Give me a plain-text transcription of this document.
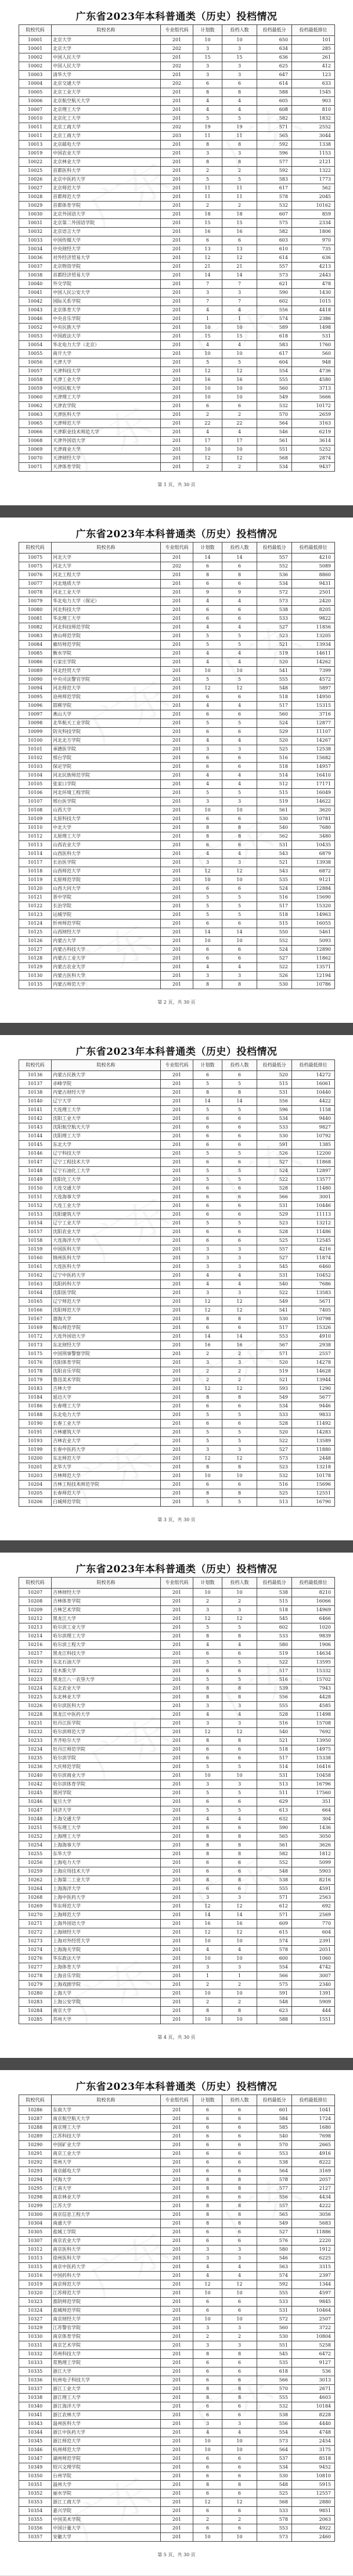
广东省2023年本科普通类（历史）投档情况
院校代码	院校名称	专业组代码	计划数	投档人数	投档最低分	投档最低排位
10001	北京大学	201	10	10	650	101
10001	北京大学	202	3	3	634	285
10002	中国人民大学	201	15	15	636	261
10002	中国人民大学	202	3	3	625	412
10003	清华大学	201	3	3	647	123
10004	北京交通大学	202	6	6	614	633
10005	北京工业大学	201	8	8	588	1545
10006	北京航空航天大学	201	4	4	605	903
10007	北京理工大学	201	4	4	608	810
10010	北京化工大学	201	5	5	582	1832
10011	北京工商大学	202	19	19	571	2552
10011	北京工商大学	203	11	11	565	3044
10013	北京邮电大学	201	8	8	592	1338
10019	中国农业大学	201	3	3	596	1153
10022	北京林业大学	201	8	8	577	2121
10025	首都医科大学	201	2	2	592	1322
10026	北京中医药大学	201	5	5	583	1773
10027	北京师范大学	201	11	11	617	562
10028	首都师范大学	201	11	11	578	2045
10029	首都体育学院	201	2	2	532	10162
10030	北京外国语大学	201	18	18	607	859
10031	北京第二外国语学院	201	15	15	575	2334
10032	北京语言大学	201	16	16	582	1806
10033	中国传媒大学	201	6	6	603	970
10034	中央财经大学	201	13	13	610	735
10036	对外经济贸易大学	201	12	12	614	636
10037	北京物资学院	201	21	21	557	4213
10038	首都经济贸易大学	201	14	14	573	2443
10040	外交学院	201	7	7	621	478
10041	中国人民公安大学	201	3	3	590	1430
10042	国际关系学院	201	7	7	602	1015
10043	北京体育大学	201	4	4	556	4418
10046	中央音乐学院	201	1	1	574	2386
10052	中央民族大学	201	10	10	589	1498
10053	中国政法大学	201	15	15	618	531
10054	华北电力大学（北京）	201	4	4	583	1760
10055	南开大学	201	10	10	617	560
10056	天津大学	201	5	5	604	948
10057	天津科技大学	201	12	12	554	4736
10058	天津工业大学	201	16	16	555	4580
10059	中国民航大学	201	10	10	560	3713
10060	天津理工大学	201	10	10	549	5666
10062	天津农学院	201	6	6	532	10172
10063	天津医科大学	201	2	2	570	2659
10065	天津师范大学	201	22	22	564	3163
10066	天津职业技术师范大学	201	4	4	546	6219
10068	天津外国语大学	201	17	17	561	3614
10069	天津商业大学	201	10	10	551	5252
10070	天津财经大学	201	12	12	568	2874
10071	天津体育学院	201	2	2	534	9437
第 1 页，共 30 页
广东省2023年本科普通类（历史）投档情况
院校代码	院校名称	专业组代码	计划数	投档人数	投档最低分	投档最低排位
10075	河北大学	201	14	14	557	4210
10075	河北大学	202	6	6	552	5089
10076	河北工程大学	201	8	8	536	8860
10077	河北地质大学	201	6	6	534	9431
10078	河北工业大学	201	9	9	572	2501
10079	华北电力大学（保定）	201	4	4	573	2420
10080	河北科技大学	201	6	6	538	8205
10081	华北理工大学	201	6	6	533	9822
10082	河北科技师范学院	201	4	4	527	11856
10083	唐山师范学院	201	5	5	523	13205
10084	廊坊师范学院	201	5	5	521	13934
10085	衡水学院	201	4	4	519	14611
10086	石家庄学院	201	4	4	520	14262
10089	河北经贸大学	201	10	10	541	7399
10090	中央司法警官学院	201	5	5	555	4572
10094	河北师范大学	201	12	12	548	5897
10095	沧州师范学院	201	6	6	518	14950
10096	邯郸学院	201	4	4	517	15315
10097	燕山大学	201	6	6	560	3716
10098	北华航天工业学院	201	5	5	524	12877
10099	防灾科技学院	201	6	6	529	11107
10100	河北北方学院	201	4	4	520	14267
10101	承德医学院	201	3	3	525	12538
10102	邢台学院	201	6	6	516	15682
10103	保定学院	201	6	6	518	14957
10104	河北民族师范学院	201	4	4	514	16410
10105	张家口学院	201	4	4	512	17171
10106	河北环境工程学院	201	5	5	515	16049
10107	邢台医学院	201	3	3	519	14622
10108	山西大学	201	10	10	561	3620
10109	太原科技大学	201	6	6	530	10781
10110	中北大学	201	8	8	540	7680
10112	太原理工大学	201	8	8	562	3480
10113	山西农业大学	201	6	6	531	10435
10114	山西医科大学	201	4	4	543	6879
10117	长治医学院	201	3	3	521	13938
10118	山西师范大学	201	12	12	543	6872
10119	太原师范学院	201	10	10	535	9121
10120	山西大同大学	201	6	6	524	12884
10121	晋中学院	201	5	5	516	15690
10122	长治学院	201	5	5	517	15320
10123	运城学院	201	5	5	518	14963
10124	忻州师范学院	201	6	6	515	16055
10125	山西财经大学	201	14	14	550	5461
10126	内蒙古大学	201	10	10	552	5093
10127	内蒙古科技大学	201	6	6	524	12890
10128	内蒙古工业大学	201	6	6	527	11862
10129	内蒙古农业大学	201	4	4	522	13571
10130	内蒙古医科大学	201	3	3	526	12194
10135	内蒙古师范大学	201	8	8	530	10786
第 2 页，共 30 页
广东省2023年本科普通类（历史）投档情况
院校代码	院校名称	专业组代码	计划数	投档人数	投档最低分	投档最低排位
10136	内蒙古民族大学	201	6	6	520	14272
10137	赤峰学院	201	5	5	515	16061
10138	内蒙古财经大学	201	8	8	531	10440
10140	辽宁大学	201	14	14	556	4422
10141	大连理工大学	201	5	5	596	1158
10142	沈阳工业大学	201	6	6	534	9440
10143	沈阳航空航天大学	201	6	6	533	9827
10144	沈阳理工大学	201	6	6	530	10792
10145	东北大学	201	6	6	591	1385
10146	辽宁科技大学	201	5	5	526	12200
10147	辽宁工程技术大学	201	6	6	527	11868
10148	辽宁石油化工大学	201	5	5	524	12897
10149	沈阳化工大学	201	5	5	522	13577
10150	大连交通大学	201	6	6	528	11480
10151	大连海事大学	201	6	6	566	3001
10152	大连工业大学	201	6	6	531	10446
10153	沈阳建筑大学	201	6	6	529	11113
10154	辽宁工业大学	201	5	5	523	13212
10157	沈阳农业大学	201	6	6	528	11486
10158	大连海洋大学	201	6	6	525	12545
10159	中国医科大学	201	3	3	557	4216
10160	锦州医科大学	201	3	3	527	11874
10161	大连医科大学	201	3	3	545	6460
10162	辽宁中医药大学	201	4	4	531	10452
10163	沈阳药科大学	201	4	4	540	7686
10164	沈阳医学院	201	3	3	522	13583
10165	辽宁师范大学	201	12	12	549	5671
10166	沈阳师范大学	201	12	12	541	7405
10167	渤海大学	201	8	8	530	10798
10169	鞍山师范学院	201	6	6	517	15326
10172	大连外国语大学	201	14	14	553	4910
10173	东北财经大学	201	16	16	567	2938
10175	中国刑事警察学院	201	2	2	571	2557
10176	沈阳体育学院	201	3	3	520	14278
10178	沈阳音乐学院	201	2	2	519	14628
10179	鲁迅美术学院	201	2	2	521	13944
10183	吉林大学	201	12	12	593	1290
10184	延边大学	201	8	8	549	5677
10186	长春理工大学	201	6	6	534	9446
10188	东北电力大学	201	5	5	533	9833
10190	长春工业大学	201	6	6	528	11492
10191	吉林建筑大学	201	5	5	520	14283
10193	吉林农业大学	201	5	5	522	13589
10199	长春中医药大学	201	3	3	527	11880
10200	东北师范大学	201	12	12	573	2448
10201	北华大学	201	8	8	523	13218
10203	吉林师范大学	201	10	10	532	10178
10204	吉林工程技术师范学院	201	6	6	516	15696
10205	长春师范大学	201	8	8	525	12551
10206	白城师范学院	201	5	5	513	16790
第 3 页，共 30 页
广东省2023年本科普通类（历史）投档情况
院校代码	院校名称	专业组代码	计划数	投档人数	投档最低分	投档最低排位
10207	吉林财经大学	201	10	10	538	8210
10208	吉林体育学院	201	2	2	515	16066
10209	吉林艺术学院	201	3	3	518	14969
10212	黑龙江大学	201	12	12	545	6466
10213	哈尔滨工业大学	201	5	5	602	1020
10214	哈尔滨理工大学	201	8	8	533	9839
10216	哈尔滨工程大学	201	4	4	580	1906
10217	黑龙江科技大学	201	6	6	519	14634
10219	东北石油大学	201	5	5	522	13595
10222	佳木斯大学	201	6	6	517	15332
10223	黑龙江八一农垦大学	201	5	5	516	15702
10224	东北农业大学	201	8	8	539	7943
10225	东北林业大学	201	8	8	556	4428
10226	哈尔滨医科大学	201	3	3	555	4585
10228	黑龙江中医药大学	201	4	4	528	11498
10231	牡丹江医学院	201	3	3	516	15708
10232	哈尔滨师范大学	201	12	12	540	7692
10233	齐齐哈尔大学	201	8	8	521	13950
10234	牡丹江师范学院	201	6	6	518	14975
10235	哈尔滨学院	201	6	6	517	15338
10236	大庆师范学院	201	5	5	514	16416
10240	哈尔滨商业大学	201	10	10	531	10458
10242	哈尔滨体育学院	201	3	3	513	16796
10245	黑河学院	201	5	5	511	17560
10246	复旦大学	201	6	6	629	351
10247	同济大学	201	5	5	613	664
10248	上海交通大学	201	4	4	632	304
10251	华东理工大学	201	6	6	590	1436
10252	上海理工大学	201	8	8	565	3050
10254	上海海事大学	201	8	8	561	3626
10255	东华大学	201	8	8	582	1812
10256	上海电力大学	201	6	6	552	5099
10259	上海应用技术大学	201	6	6	548	5903
10262	上海第二工业大学	201	8	8	538	8216
10264	上海海洋大学	201	6	6	555	4591
10268	上海中医药大学	201	3	3	571	2563
10269	华东师范大学	201	12	12	612	692
10270	上海师范大学	201	14	14	571	2569
10271	上海外国语大学	201	16	16	609	770
10272	上海财经大学	201	12	12	615	604
10273	上海对外经贸大学	201	10	10	574	2391
10274	上海海关学院	201	4	4	578	2051
10276	华东政法大学	201	10	10	600	1060
10277	上海体育大学	201	3	3	554	4742
10278	上海音乐学院	201	1	1	566	3007
10279	上海戏剧学院	201	2	2	575	2340
10280	上海大学	201	10	10	591	1391
10283	上海公安学院	201	2	2	548	5909
10284	南京大学	201	8	8	623	444
10285	苏州大学	201	10	10	588	1551
第 4 页，共 30 页
广东省2023年本科普通类（历史）投档情况
院校代码	院校名称	专业组代码	计划数	投档人数	投档最低分	投档最低排位
10286	东南大学	201	6	6	601	1041
10287	南京航空航天大学	201	6	6	584	1724
10288	南京理工大学	201	6	6	585	1680
10289	江苏科技大学	201	6	6	540	7698
10290	中国矿业大学	201	6	6	570	2665
10291	南京工业大学	201	6	6	553	4916
10292	常州大学	201	6	6	538	8222
10293	南京邮电大学	201	6	6	564	3169
10294	河海大学	201	8	8	578	2057
10295	江南大学	201	8	8	577	2127
10298	南京林业大学	201	6	6	556	4434
10299	江苏大学	201	8	8	557	4222
10300	南京信息工程大学	201	8	8	565	3056
10304	南通大学	201	8	8	549	5683
10305	盐城工学院	201	6	6	527	11886
10307	南京农业大学	201	6	6	576	2220
10312	南京医科大学	201	3	3	580	1912
10313	徐州医科大学	201	3	3	546	6225
10315	南京中医药大学	201	4	4	563	3315
10316	中国药科大学	201	4	4	574	2397
10319	南京师范大学	201	12	12	592	1344
10320	江苏师范大学	201	10	10	555	4597
10323	淮阴师范学院	201	6	6	533	9845
10324	盐城师范学院	201	6	6	531	10464
10327	南京财经大学	201	10	10	572	2507
10329	江苏警官学院	201	3	3	560	3722
10330	南京体育学院	201	2	2	530	10804
10331	南京艺术学院	201	3	3	551	5258
10332	苏州科技大学	201	8	8	545	6472
10333	常熟理工学院	201	6	6	535	9127
10335	浙江大学	201	6	6	618	536
10336	杭州电子科技大学	201	6	6	566	3013
10337	浙江工业大学	201	8	8	570	2671
10338	浙江理工大学	201	8	8	555	4603
10340	浙江海洋大学	201	6	6	532	10184
10341	浙江农林大学	201	6	6	538	8228
10343	温州医科大学	201	3	3	556	4440
10344	浙江中医药大学	201	4	4	554	4748
10345	浙江师范大学	201	10	10	573	2454
10346	杭州师范大学	201	10	10	564	3175
10347	湖州师范学院	201	6	6	537	8518
10349	绍兴文理学院	201	6	6	534	9452
10350	台州学院	201	6	6	530	10810
10351	温州大学	201	8	8	548	5915
10352	丽水学院	201	6	6	525	12557
10353	浙江工商大学	201	12	12	568	2880
10354	嘉兴学院	201	6	6	533	9851
10355	中国美术学院	201	2	2	578	2063
10356	中国计量大学	201	6	6	553	4922
10357	安徽大学	201	10	10	573	2460
第 5 页，共 30 页
